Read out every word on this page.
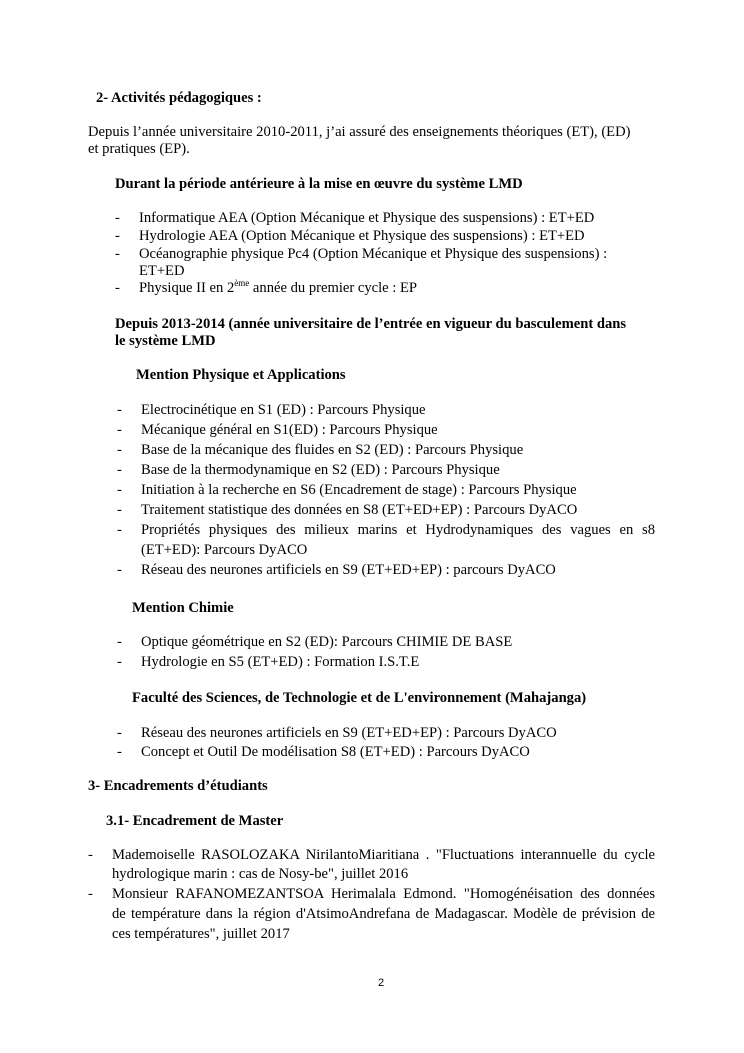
2- Activités pédagogiques :
Depuis l’année universitaire 2010-2011, j’ai assuré des enseignements théoriques (ET), (ED)
et pratiques (EP).
Durant la période antérieure à la mise en œuvre du système LMD
- Informatique AEA (Option Mécanique et Physique des suspensions) : ET+ED
- Hydrologie AEA (Option Mécanique et Physique des suspensions) : ET+ED
- Océanographie physique Pc4 (Option Mécanique et Physique des suspensions) :
ET+ED
- Physique II en 2ème année du premier cycle : EP
Depuis 2013-2014 (année universitaire de l’entrée en vigueur du basculement dans
le système LMD
Mention Physique et Applications
- Electrocinétique en S1 (ED) : Parcours Physique
- Mécanique général en S1(ED) : Parcours Physique
- Base de la mécanique des fluides en S2 (ED) : Parcours Physique
- Base de la thermodynamique en S2 (ED) : Parcours Physique
- Initiation à la recherche en S6 (Encadrement de stage) : Parcours Physique
- Traitement statistique des données en S8 (ET+ED+EP) : Parcours DyACO
- Propriétés physiques des milieux marins et Hydrodynamiques des vagues en s8
(ET+ED): Parcours DyACO
- Réseau des neurones artificiels en S9 (ET+ED+EP) : parcours DyACO
Mention Chimie
- Optique géométrique en S2 (ED): Parcours CHIMIE DE BASE
- Hydrologie en S5 (ET+ED) : Formation I.S.T.E
Faculté des Sciences, de Technologie et de L'environnement (Mahajanga)
- Réseau des neurones artificiels en S9 (ET+ED+EP) : Parcours DyACO
- Concept et Outil De modélisation S8 (ET+ED) : Parcours DyACO
3- Encadrements d’étudiants
3.1- Encadrement de Master
- Mademoiselle RASOLOZAKA NirilantoMiaritiana . "Fluctuations interannuelle du cycle
hydrologique marin : cas de Nosy-be", juillet 2016
- Monsieur RAFANOMEZANTSOA Herimalala Edmond. "Homogénéisation des données
de température dans la région d'AtsimoAndrefana de Madagascar. Modèle de prévision de
ces températures", juillet 2017
2
